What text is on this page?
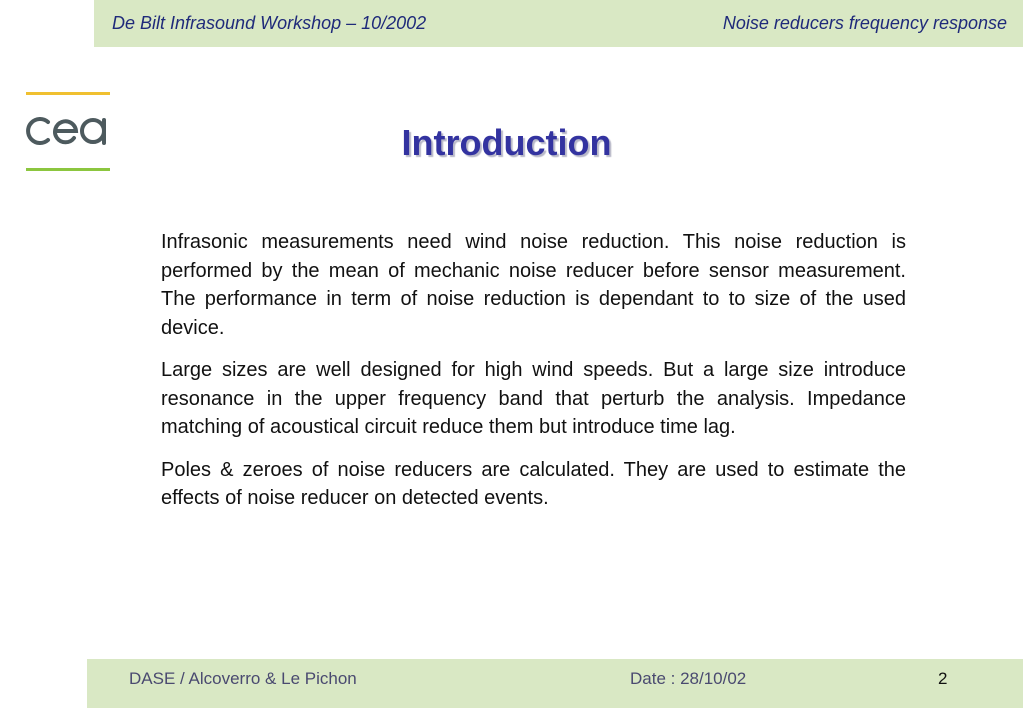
De Bilt Infrasound Workshop – 10/2002	Noise reducers frequency response
Introduction

Infrasonic measurements need wind noise reduction. This noise reduction is performed by the mean of mechanic noise reducer before sensor measurement. The performance in term of noise reduction is dependant to to size of the used device.

Large sizes are well designed for high wind speeds. But a large size introduce resonance in the upper frequency band that perturb the analysis. Impedance matching of acoustical circuit reduce them but introduce time lag.

Poles & zeroes of noise reducers are calculated. They are used to estimate the effects of noise reducer on detected events.

DASE / Alcoverro & Le Pichon	Date : 28/10/02	2
